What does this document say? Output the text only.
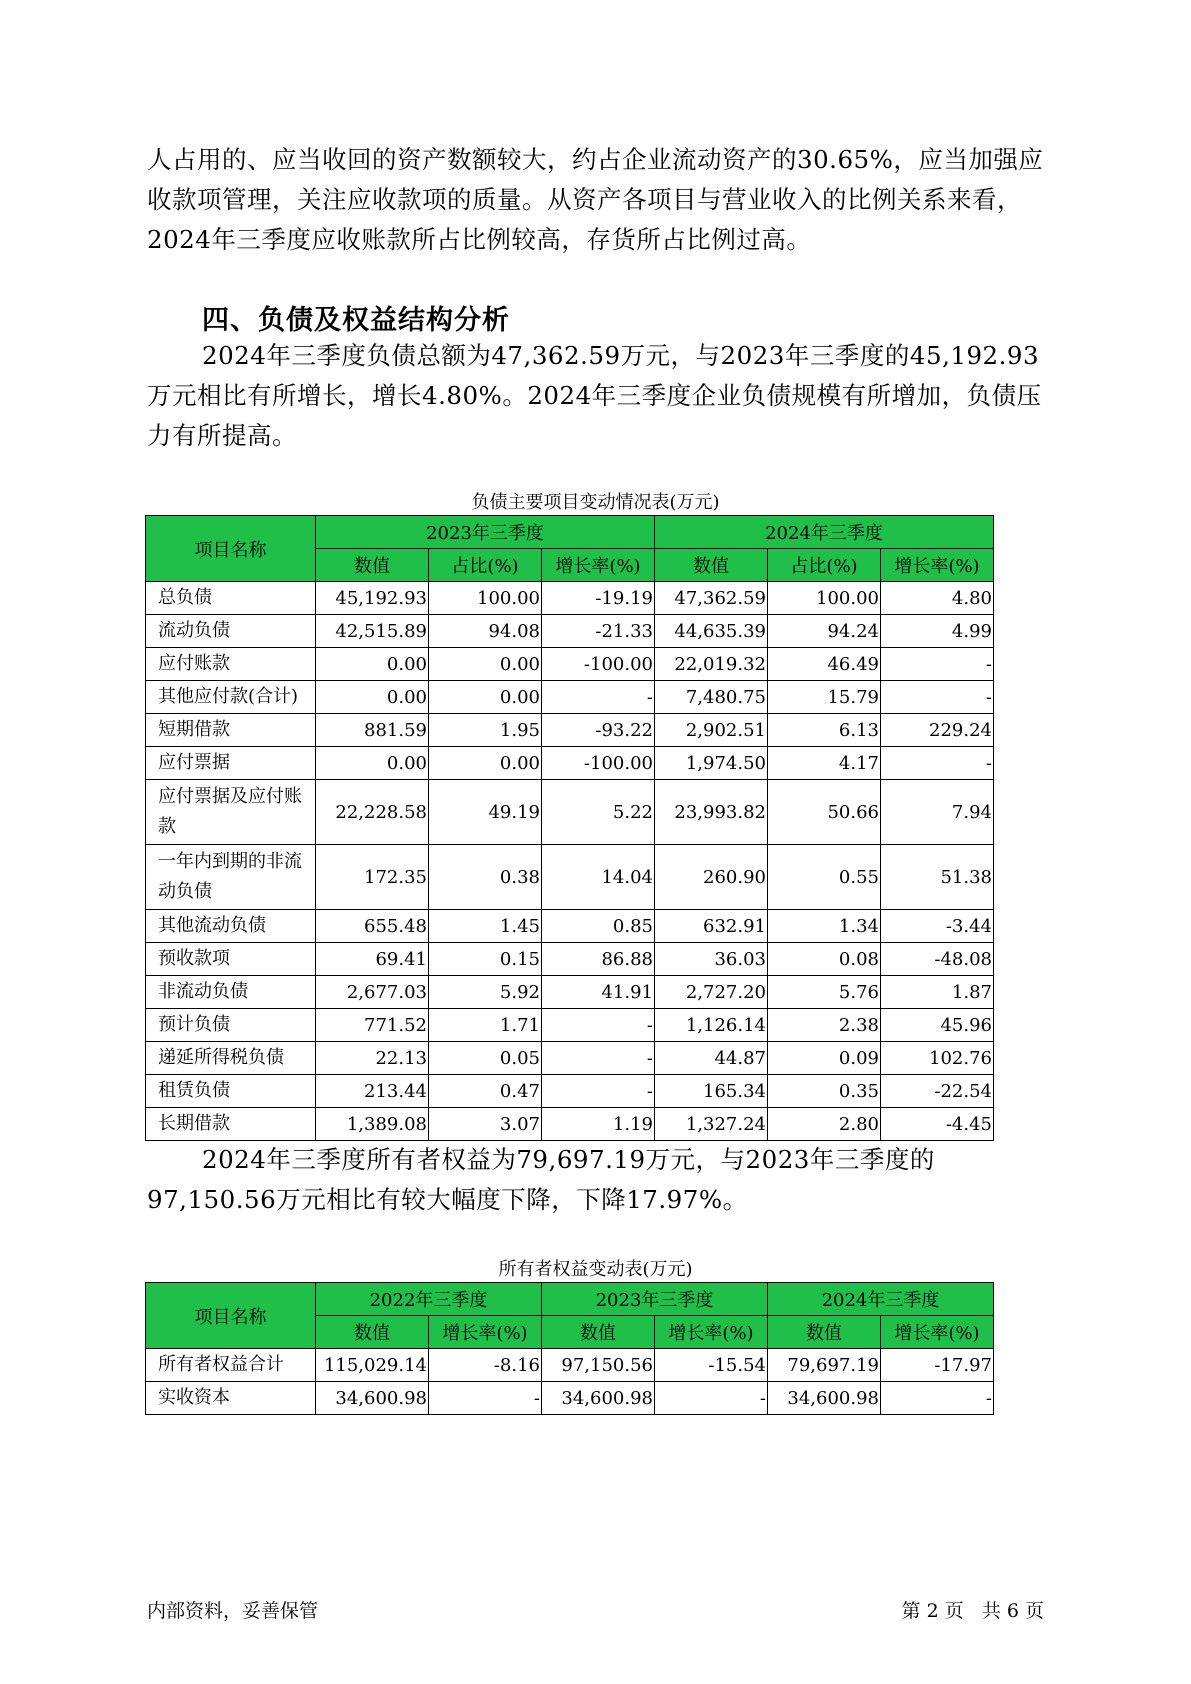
人占用的、应当收回的资产数额较大，约占企业流动资产的30.65%，应当加强应收款项管理，关注应收款项的质量。从资产各项目与营业收入的比例关系来看，2024年三季度应收账款所占比例较高，存货所占比例过高。

四、负债及权益结构分析

2024年三季度负债总额为47,362.59万元，与2023年三季度的45,192.93万元相比有所增长，增长4.80%。2024年三季度企业负债规模有所增加，负债压力有所提高。

负债主要项目变动情况表(万元)

项目名称	2023年三季度			2024年三季度		
	数值	占比(%)	增长率(%)	数值	占比(%)	增长率(%)
总负债	45,192.93	100.00	-19.19	47,362.59	100.00	4.80
流动负债	42,515.89	94.08	-21.33	44,635.39	94.24	4.99
应付账款	0.00	0.00	-100.00	22,019.32	46.49	-
其他应付款(合计)	0.00	0.00	-	7,480.75	15.79	-
短期借款	881.59	1.95	-93.22	2,902.51	6.13	229.24
应付票据	0.00	0.00	-100.00	1,974.50	4.17	-
应付票据及应付账款	22,228.58	49.19	5.22	23,993.82	50.66	7.94
一年内到期的非流动负债	172.35	0.38	14.04	260.90	0.55	51.38
其他流动负债	655.48	1.45	0.85	632.91	1.34	-3.44
预收款项	69.41	0.15	86.88	36.03	0.08	-48.08
非流动负债	2,677.03	5.92	41.91	2,727.20	5.76	1.87
预计负债	771.52	1.71	-	1,126.14	2.38	45.96
递延所得税负债	22.13	0.05	-	44.87	0.09	102.76
租赁负债	213.44	0.47	-	165.34	0.35	-22.54
长期借款	1,389.08	3.07	1.19	1,327.24	2.80	-4.45

2024年三季度所有者权益为79,697.19万元，与2023年三季度的97,150.56万元相比有较大幅度下降，下降17.97%。

所有者权益变动表(万元)

项目名称	2022年三季度		2023年三季度		2024年三季度	
	数值	增长率(%)	数值	增长率(%)	数值	增长率(%)
所有者权益合计	115,029.14	-8.16	97,150.56	-15.54	79,697.19	-17.97
实收资本	34,600.98	-	34,600.98	-	34,600.98	-

内部资料，妥善保管	第 2 页   共 6 页
